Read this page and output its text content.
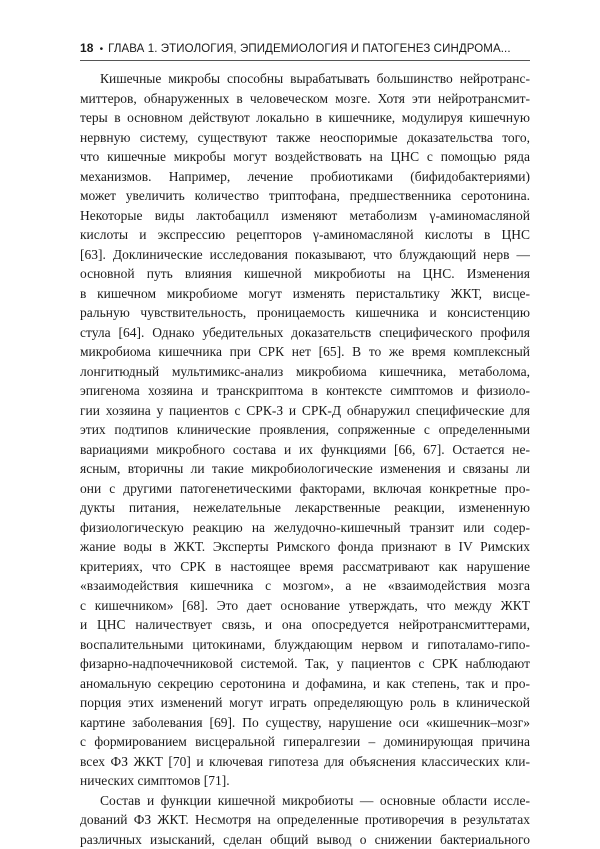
18 • ГЛАВА 1. ЭТИОЛОГИЯ, ЭПИДЕМИОЛОГИЯ И ПАТОГЕНЕЗ СИНДРОМА...
Кишечные микробы способны вырабатывать большинство нейротранс-
миттеров, обнаруженных в человеческом мозге. Хотя эти нейротрансмит-
теры в основном действуют локально в кишечнике, модулируя кишечную
нервную систему, существуют также неоспоримые доказательства того,
что кишечные микробы могут воздействовать на ЦНС с помощью ряда
механизмов. Например, лечение пробиотиками (бифидобактериями)
может увеличить количество триптофана, предшественника серотонина.
Некоторые виды лактобацилл изменяют метаболизм γ-аминомасляной
кислоты и экспрессию рецепторов γ-аминомасляной кислоты в ЦНС
[63]. Доклинические исследования показывают, что блуждающий нерв —
основной путь влияния кишечной микробиоты на ЦНС. Изменения
в кишечном микробиоме могут изменять перистальтику ЖКТ, висце-
ральную чувствительность, проницаемость кишечника и консистенцию
стула [64]. Однако убедительных доказательств специфического профиля
микробиома кишечника при СРК нет [65]. В то же время комплексный
лонгитюдный мультимикс-анализ микробиома кишечника, метаболома,
эпигенома хозяина и транскриптома в контексте симптомов и физиоло-
гии хозяина у пациентов с СРК-З и СРК-Д обнаружил специфические для
этих подтипов клинические проявления, сопряженные с определенными
вариациями микробного состава и их функциями [66, 67]. Остается не-
ясным, вторичны ли такие микробиологические изменения и связаны ли
они с другими патогенетическими факторами, включая конкретные про-
дукты питания, нежелательные лекарственные реакции, измененную
физиологическую реакцию на желудочно-кишечный транзит или содер-
жание воды в ЖКТ. Эксперты Римского фонда признают в IV Римских
критериях, что СРК в настоящее время рассматривают как нарушение
«взаимодействия кишечника с мозгом», а не «взаимодействия мозга
с кишечником» [68]. Это дает основание утверждать, что между ЖКТ
и ЦНС наличествует связь, и она опосредуется нейротрансмиттерами,
воспалительными цитокинами, блуждающим нервом и гипоталамо-гипо-
физарно-надпочечниковой системой. Так, у пациентов с СРК наблюдают
аномальную секрецию серотонина и дофамина, и как степень, так и про-
порция этих изменений могут играть определяющую роль в клинической
картине заболевания [69]. По существу, нарушение оси «кишечник–мозг»
с формированием висцеральной гипералгезии – доминирующая причина
всех ФЗ ЖКТ [70] и ключевая гипотеза для объяснения классических кли-
нических симптомов [71].
Состав и функции кишечной микробиоты — основные области иссле-
дований ФЗ ЖКТ. Несмотря на определенные противоречия в результатах
различных изысканий, сделан общий вывод о снижении бактериального
